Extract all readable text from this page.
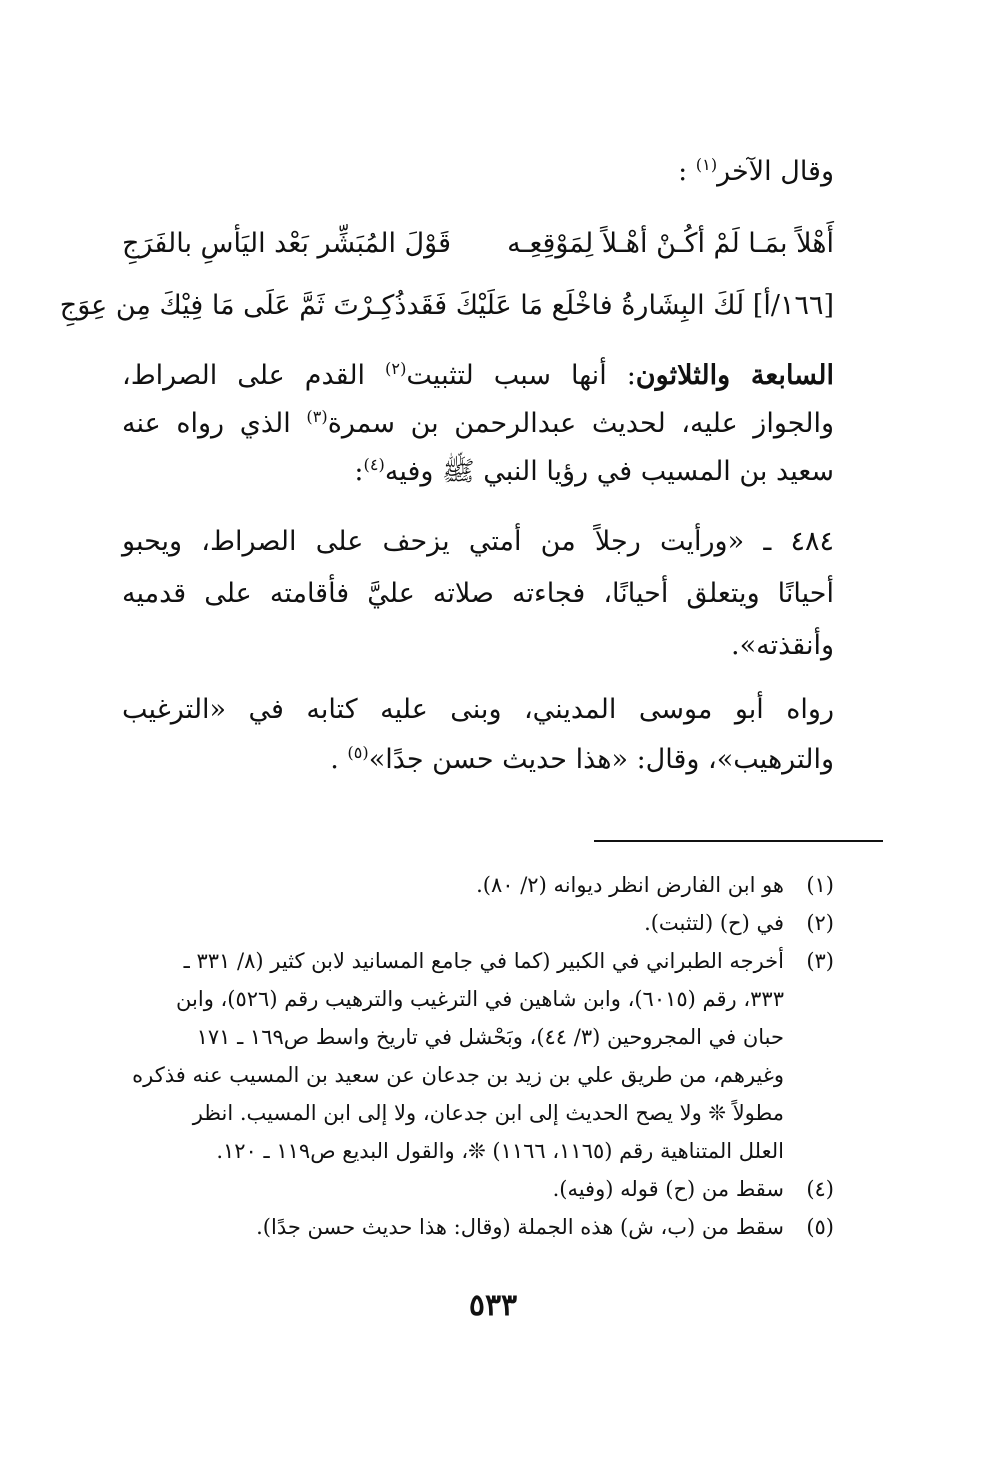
وقال الآخر$^{(١)}$ :
أَهْلاً بمَـا لَمْ أكُـنْ أهْـلاً لِمَوْقِعِـه
قَوْلَ المُبَشِّر بَعْد اليَأسِ بالفَرَجِ
[١٦٦/أ] لَكَ البِشَارةُ فاخْلَع مَا عَلَيْكَ فَقَد
ذُكِـرْتَ ثَمَّ عَلَى مَا فِيْكَ مِن عِوَجِ
السابعة والثلاثون: أنها سبب لتثبيت$^{(٢)}$ القدم على الصراط،
والجواز عليه، لحديث عبدالرحمن بن سمرة$^{(٣)}$ الذي رواه عنه
سعيد بن المسيب في رؤيا النبي ﷺ وفيه$^{(٤)}$:
٤٨٤ ـ «ورأيت رجلاً من أمتي يزحف على الصراط، ويحبو
أحيانًا ويتعلق أحيانًا، فجاءته صلاته عليَّ فأقامته على قدميه
وأنقذته».
رواه أبو موسى المديني، وبنى عليه كتابه في «الترغيب
والترهيب»، وقال: «هذا حديث حسن جدًا»$^{(٥)}$ .
(١)
هو ابن الفارض انظر ديوانه (٢/ ٨٠).
(٢)
في (ح) (لتثبت).
(٣)
أخرجه الطبراني في الكبير (كما في جامع المسانيد لابن كثير (٨/ ٣٣١ ـ
٣٣٣، رقم (٦٠١٥)، وابن شاهين في الترغيب والترهيب رقم (٥٢٦)، وابن
حبان في المجروحين (٣/ ٤٤)، وبَحْشل في تاريخ واسط ص١٦٩ ـ ١٧١
وغيرهم، من طريق علي بن زيد بن جدعان عن سعيد بن المسيب عنه فذكره
مطولاً ❊ ولا يصح الحديث إلى ابن جدعان، ولا إلى ابن المسيب. انظر
العلل المتناهية رقم (١١٦٥، ١١٦٦) ❊، والقول البديع ص١١٩ ـ ١٢٠.
(٤)
سقط من (ح) قوله (وفيه).
(٥)
سقط من (ب، ش) هذه الجملة (وقال: هذا حديث حسن جدًا).
٥٣٣
